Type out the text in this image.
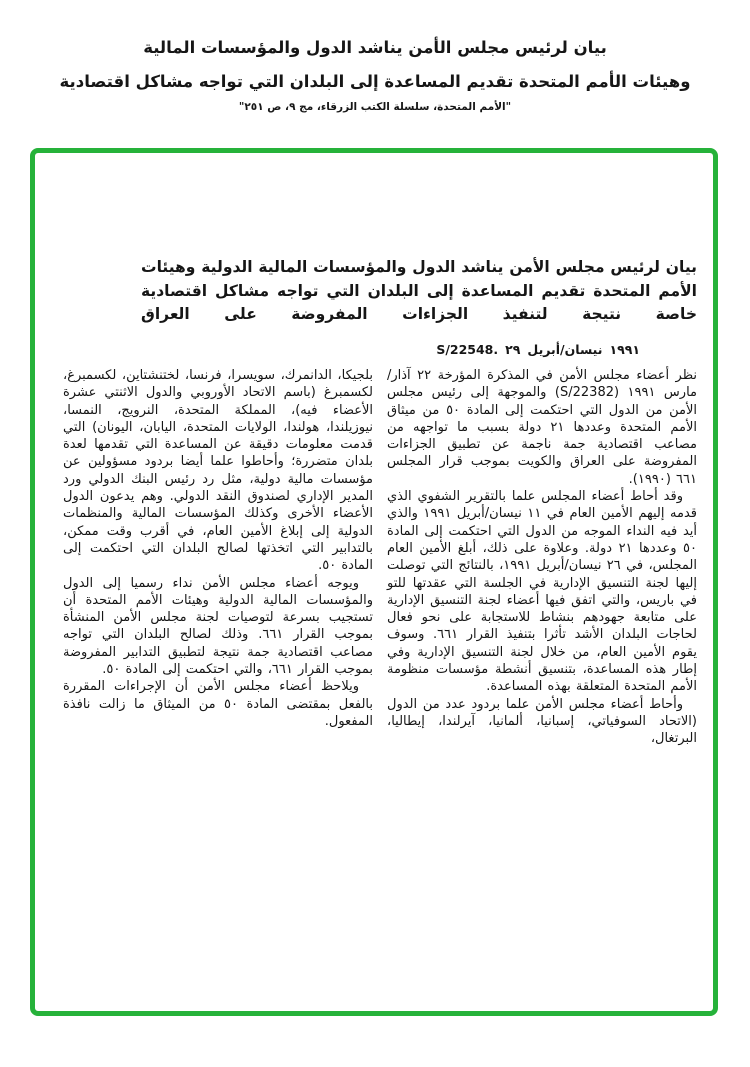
بيان لرئيس مجلس الأمن يناشد الدول والمؤسسات المالية
وهيئات الأمم المتحدة تقديم المساعدة إلى البلدان التي تواجه مشاكل اقتصادية
"الأمم المتحدة، سلسلة الكتب الزرقاء، مج ٩، ص ٢٥١"
بيان لرئيس مجلس الأمن يناشد الدول والمؤسسات المالية الدولية وهيئات الأمم المتحدة تقديم المساعدة إلى البلدان التي تواجه مشاكل اقتصادية خاصة نتيجة لتنفيذ الجزاءات المفروضة على العراق
S/22548. ٢٩ نيسان/أبريل ١٩٩١

نظر أعضاء مجلس الأمن في المذكرة المؤرخة ٢٢ آذار/مارس ١٩٩١ (S/22382) والموجهة إلى رئيس مجلس الأمن من الدول التي احتكمت إلى المادة ٥٠ من ميثاق الأمم المتحدة وعددها ٢١ دولة بسبب ما تواجهه من مصاعب اقتصادية جمة ناجمة عن تطبيق الجزاءات المفروضة على العراق والكويت بموجب قرار المجلس ٦٦١ (١٩٩٠).

وقد أحاط أعضاء المجلس علما بالتقرير الشفوي الذي قدمه إليهم الأمين العام في ١١ نيسان/أبريل ١٩٩١ والذي أيد فيه النداء الموجه من الدول التي احتكمت إلى المادة ٥٠ وعددها ٢١ دولة. وعلاوة على ذلك، أبلغ الأمين العام المجلس، في ٢٦ نيسان/أبريل ١٩٩١، بالنتائج التي توصلت إليها لجنة التنسيق الإدارية في الجلسة التي عقدتها للتو في باريس، والتي اتفق فيها أعضاء لجنة التنسيق الإدارية على متابعة جهودهم بنشاط للاستجابة على نحو فعال لحاجات البلدان الأشد تأثرا بتنفيذ القرار ٦٦١. وسوف يقوم الأمين العام، من خلال لجنة التنسيق الإدارية وفي إطار هذه المساعدة، بتنسيق أنشطة مؤسسات منظومة الأمم المتحدة المتعلقة بهذه المساعدة.

وأحاط أعضاء مجلس الأمن علما بردود عدد من الدول (الاتحاد السوفياتي، إسبانيا، ألمانيا، آيرلندا، إيطاليا، البرتغال،

بلجيكا، الدانمرك، سويسرا، فرنسا، لختنشتاين، لكسمبرغ، لكسمبرغ (باسم الاتحاد الأوروبي والدول الاثنتي عشرة الأعضاء فيه)، المملكة المتحدة، النرويج، النمسا، نيوزيلندا، هولندا، الولايات المتحدة، اليابان، اليونان) التي قدمت معلومات دقيقة عن المساعدة التي تقدمها لعدة بلدان متضررة؛ وأحاطوا علما أيضا بردود مسؤولين عن مؤسسات مالية دولية، مثل رد رئيس البنك الدولي ورد المدير الإداري لصندوق النقد الدولي. وهم يدعون الدول الأعضاء الأخرى وكذلك المؤسسات المالية والمنظمات الدولية إلى إبلاغ الأمين العام، في أقرب وقت ممكن، بالتدابير التي اتخذتها لصالح البلدان التي احتكمت إلى المادة ٥٠.

ويوجه أعضاء مجلس الأمن نداء رسميا إلى الدول والمؤسسات المالية الدولية وهيئات الأمم المتحدة أن تستجيب بسرعة لتوصيات لجنة مجلس الأمن المنشأة بموجب القرار ٦٦١. وذلك لصالح البلدان التي تواجه مصاعب اقتصادية جمة نتيجة لتطبيق التدابير المفروضة بموجب القرار ٦٦١، والتي احتكمت إلى المادة ٥٠.

ويلاحظ أعضاء مجلس الأمن أن الإجراءات المقررة بالفعل بمقتضى المادة ٥٠ من الميثاق ما زالت نافذة المفعول.
